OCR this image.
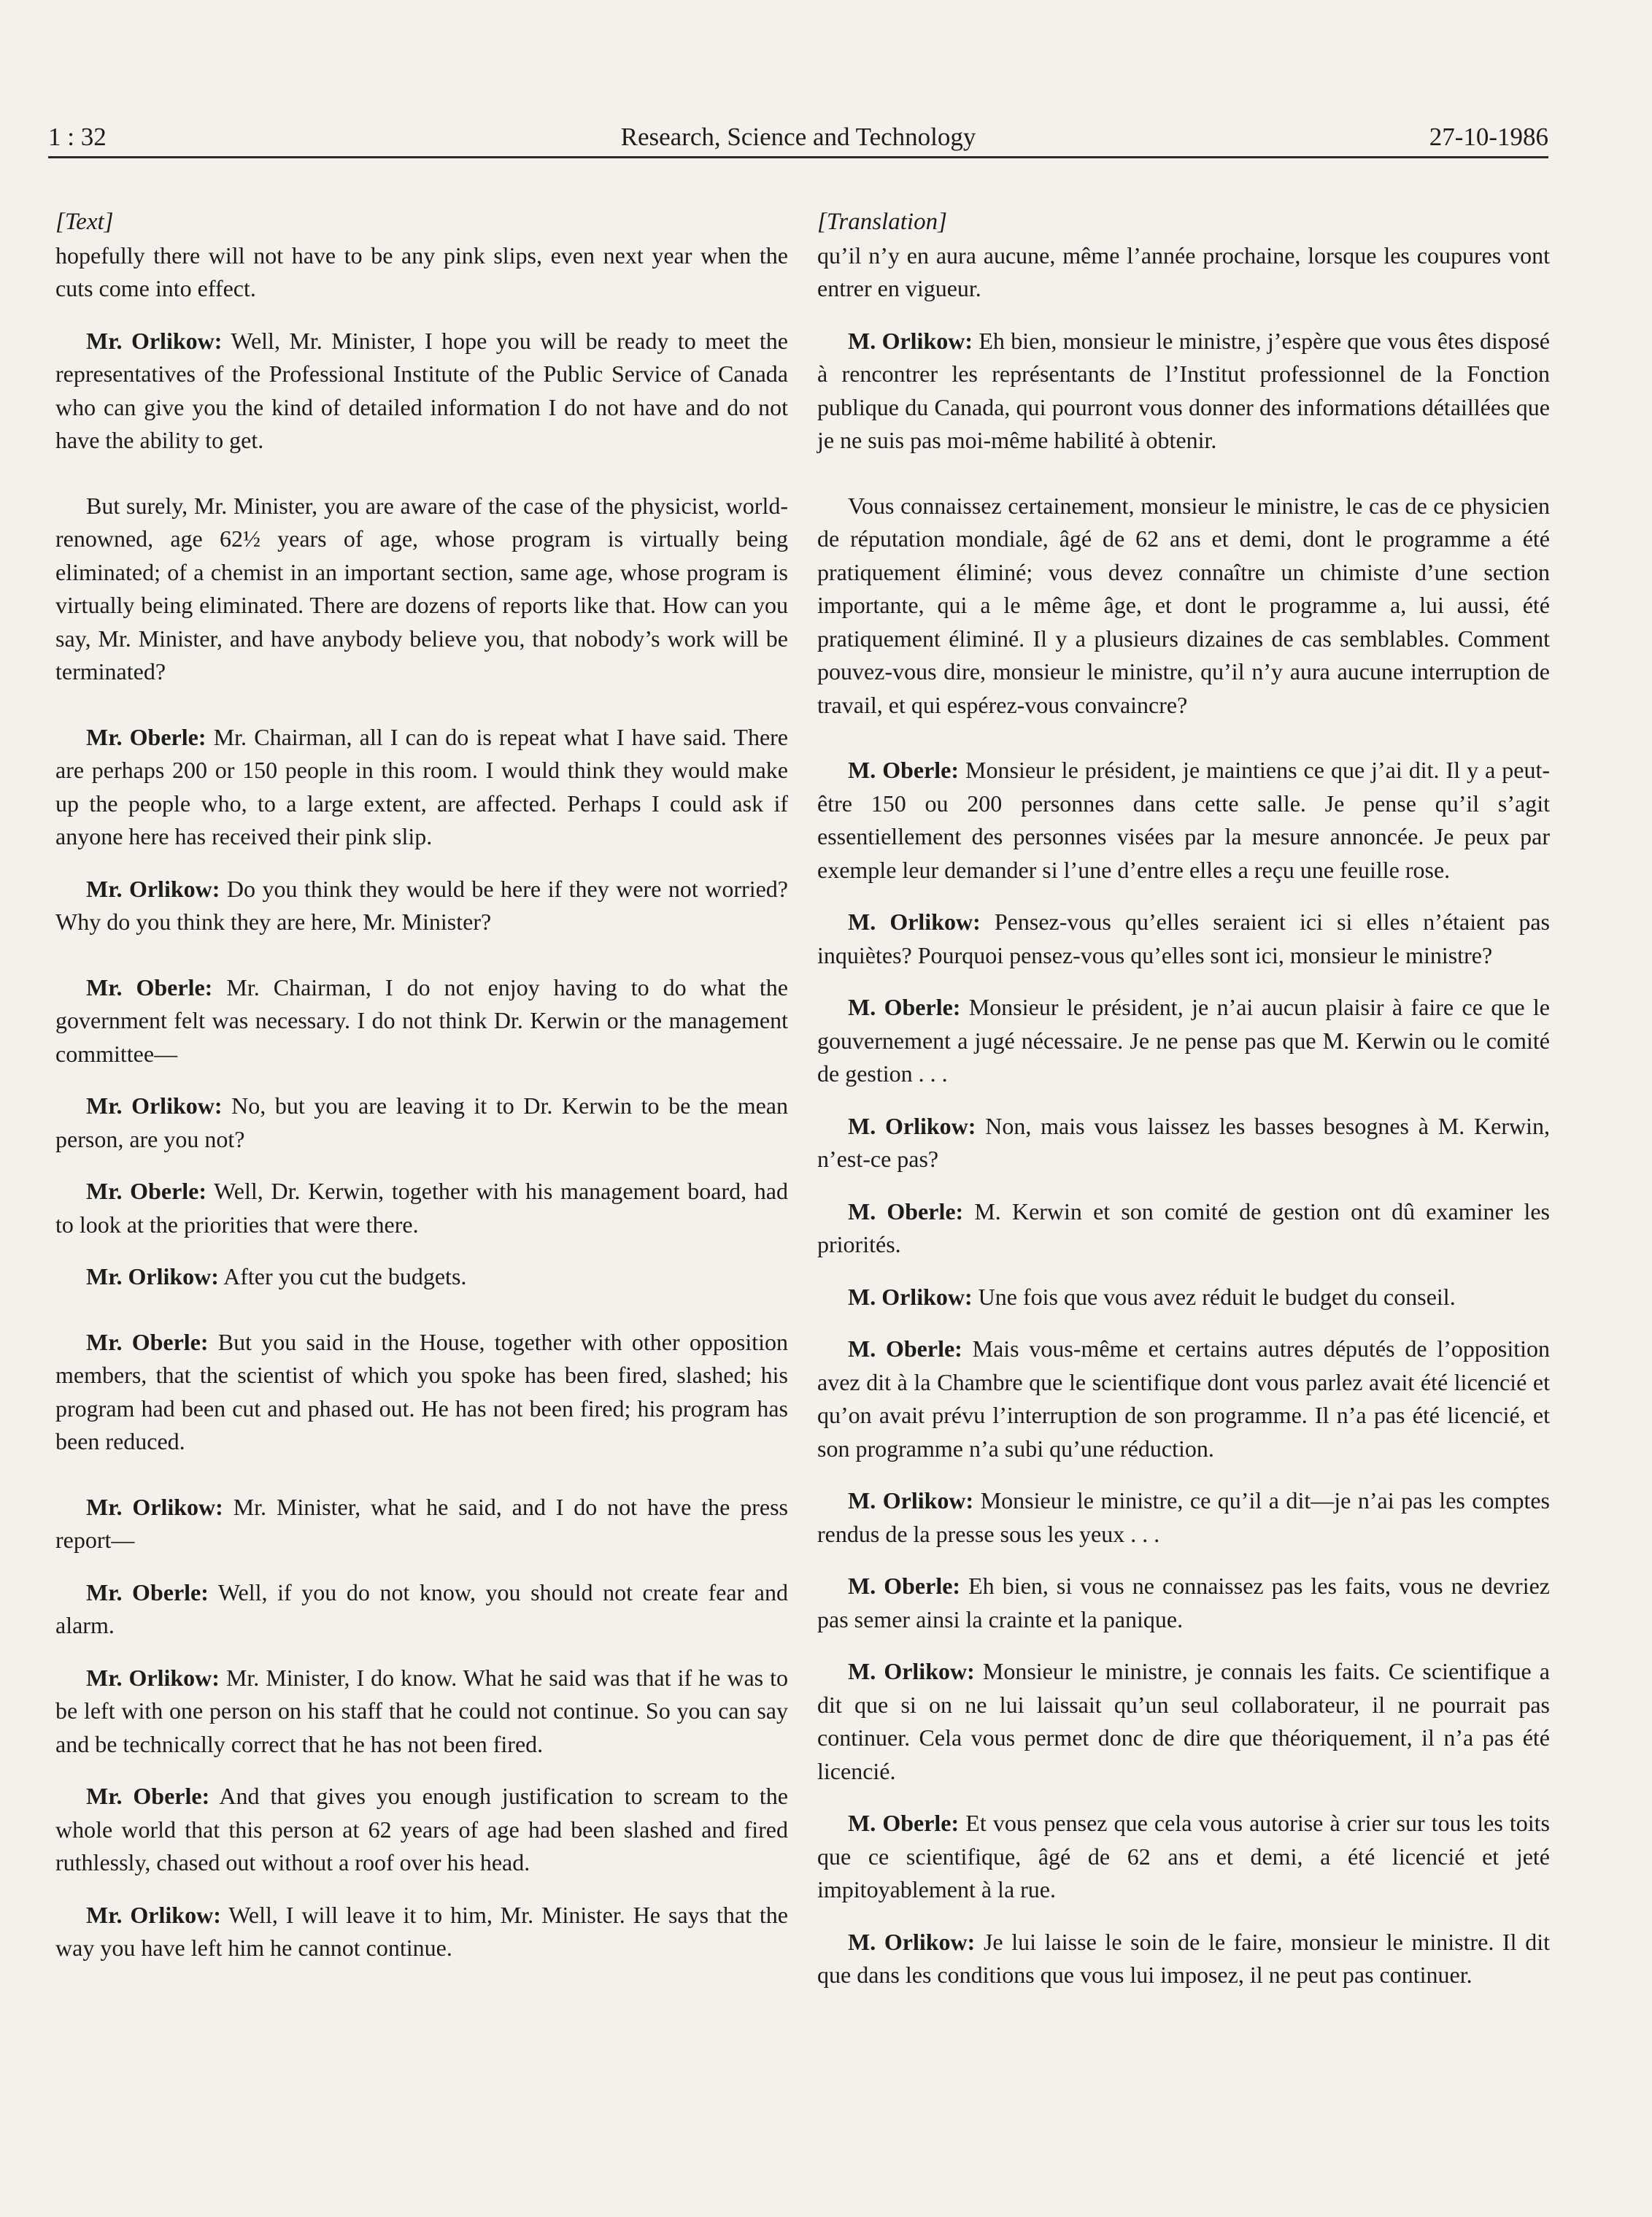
1 : 32	Research, Science and Technology	27-10-1986
[Text]

hopefully there will not have to be any pink slips, even next year when the cuts come into effect.

Mr. Orlikow: Well, Mr. Minister, I hope you will be ready to meet the representatives of the Professional Institute of the Public Service of Canada who can give you the kind of detailed information I do not have and do not have the ability to get.

But surely, Mr. Minister, you are aware of the case of the physicist, world-renowned, age 62½ years of age, whose program is virtually being eliminated; of a chemist in an important section, same age, whose program is virtually being eliminated. There are dozens of reports like that. How can you say, Mr. Minister, and have anybody believe you, that nobody’s work will be terminated?

Mr. Oberle: Mr. Chairman, all I can do is repeat what I have said. There are perhaps 200 or 150 people in this room. I would think they would make up the people who, to a large extent, are affected. Perhaps I could ask if anyone here has received their pink slip.

Mr. Orlikow: Do you think they would be here if they were not worried? Why do you think they are here, Mr. Minister?

Mr. Oberle: Mr. Chairman, I do not enjoy having to do what the government felt was necessary. I do not think Dr. Kerwin or the management committee—

Mr. Orlikow: No, but you are leaving it to Dr. Kerwin to be the mean person, are you not?

Mr. Oberle: Well, Dr. Kerwin, together with his management board, had to look at the priorities that were there.

Mr. Orlikow: After you cut the budgets.

Mr. Oberle: But you said in the House, together with other opposition members, that the scientist of which you spoke has been fired, slashed; his program had been cut and phased out. He has not been fired; his program has been reduced.

Mr. Orlikow: Mr. Minister, what he said, and I do not have the press report—

Mr. Oberle: Well, if you do not know, you should not create fear and alarm.

Mr. Orlikow: Mr. Minister, I do know. What he said was that if he was to be left with one person on his staff that he could not continue. So you can say and be technically correct that he has not been fired.

Mr. Oberle: And that gives you enough justification to scream to the whole world that this person at 62 years of age had been slashed and fired ruthlessly, chased out without a roof over his head.

Mr. Orlikow: Well, I will leave it to him, Mr. Minister. He says that the way you have left him he cannot continue.

[Translation]

qu’il n’y en aura aucune, même l’année prochaine, lorsque les coupures vont entrer en vigueur.

M. Orlikow: Eh bien, monsieur le ministre, j’espère que vous êtes disposé à rencontrer les représentants de l’Institut professionnel de la Fonction publique du Canada, qui pourront vous donner des informations détaillées que je ne suis pas moi-même habilité à obtenir.

Vous connaissez certainement, monsieur le ministre, le cas de ce physicien de réputation mondiale, âgé de 62 ans et demi, dont le programme a été pratiquement éliminé; vous devez connaître un chimiste d’une section importante, qui a le même âge, et dont le programme a, lui aussi, été pratiquement éliminé. Il y a plusieurs dizaines de cas semblables. Comment pouvez-vous dire, monsieur le ministre, qu’il n’y aura aucune interruption de travail, et qui espérez-vous convaincre?

M. Oberle: Monsieur le président, je maintiens ce que j’ai dit. Il y a peut-être 150 ou 200 personnes dans cette salle. Je pense qu’il s’agit essentiellement des personnes visées par la mesure annoncée. Je peux par exemple leur demander si l’une d’entre elles a reçu une feuille rose.

M. Orlikow: Pensez-vous qu’elles seraient ici si elles n’étaient pas inquiètes? Pourquoi pensez-vous qu’elles sont ici, monsieur le ministre?

M. Oberle: Monsieur le président, je n’ai aucun plaisir à faire ce que le gouvernement a jugé nécessaire. Je ne pense pas que M. Kerwin ou le comité de gestion . . .

M. Orlikow: Non, mais vous laissez les basses besognes à M. Kerwin, n’est-ce pas?

M. Oberle: M. Kerwin et son comité de gestion ont dû examiner les priorités.

M. Orlikow: Une fois que vous avez réduit le budget du conseil.

M. Oberle: Mais vous-même et certains autres députés de l’opposition avez dit à la Chambre que le scientifique dont vous parlez avait été licencié et qu’on avait prévu l’interruption de son programme. Il n’a pas été licencié, et son programme n’a subi qu’une réduction.

M. Orlikow: Monsieur le ministre, ce qu’il a dit—je n’ai pas les comptes rendus de la presse sous les yeux . . .

M. Oberle: Eh bien, si vous ne connaissez pas les faits, vous ne devriez pas semer ainsi la crainte et la panique.

M. Orlikow: Monsieur le ministre, je connais les faits. Ce scientifique a dit que si on ne lui laissait qu’un seul collaborateur, il ne pourrait pas continuer. Cela vous permet donc de dire que théoriquement, il n’a pas été licencié.

M. Oberle: Et vous pensez que cela vous autorise à crier sur tous les toits que ce scientifique, âgé de 62 ans et demi, a été licencié et jeté impitoyablement à la rue.

M. Orlikow: Je lui laisse le soin de le faire, monsieur le ministre. Il dit que dans les conditions que vous lui imposez, il ne peut pas continuer.
